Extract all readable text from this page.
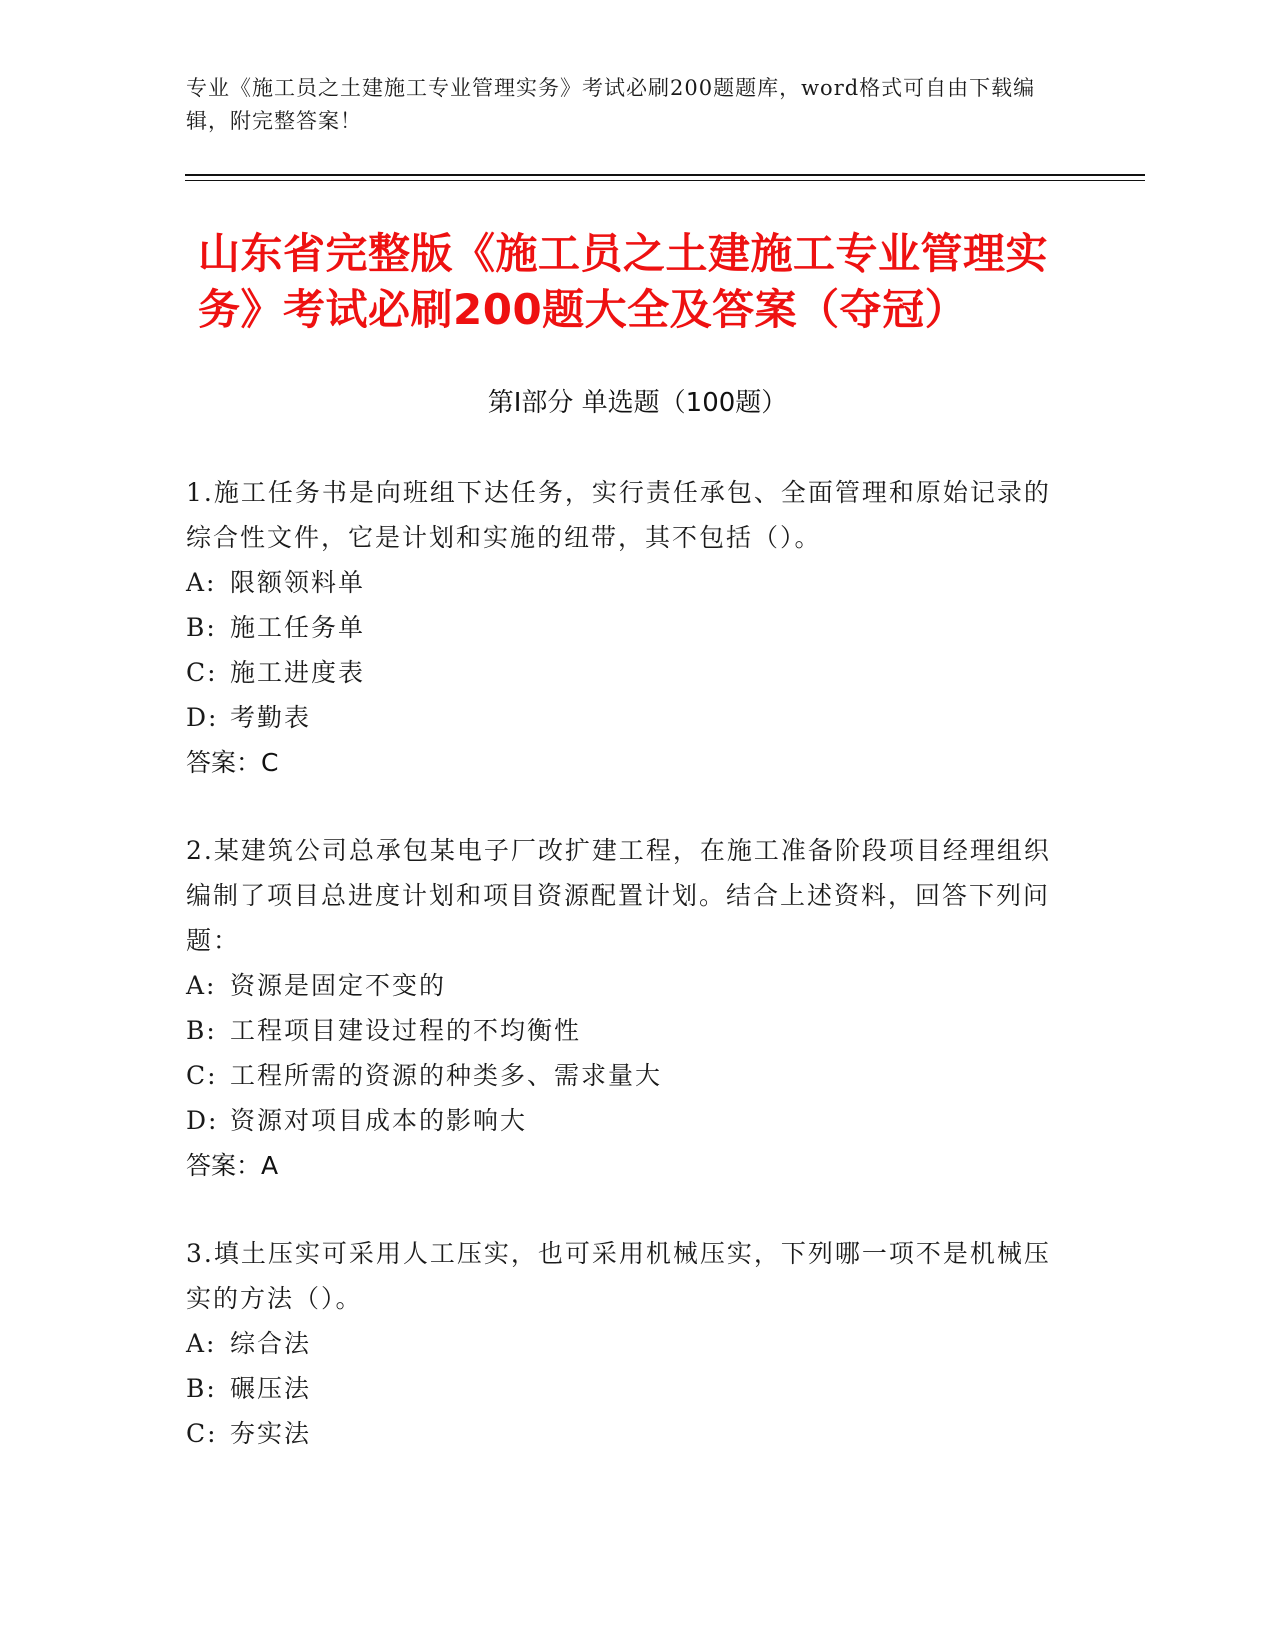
专业《施工员之土建施工专业管理实务》考试必刷200题题库，word格式可自由下载编辑，附完整答案！
山东省完整版《施工员之土建施工专业管理实务》考试必刷200题大全及答案（夺冠）
第Ⅰ部分 单选题（100题）

1.施工任务书是向班组下达任务，实行责任承包、全面管理和原始记录的综合性文件，它是计划和实施的纽带，其不包括（）。

A: 限额领料单

B: 施工任务单

C: 施工进度表

D: 考勤表

答案：C

2.某建筑公司总承包某电子厂改扩建工程，在施工准备阶段项目经理组织编制了项目总进度计划和项目资源配置计划。结合上述资料，回答下列问题：

A: 资源是固定不变的

B: 工程项目建设过程的不均衡性

C: 工程所需的资源的种类多、需求量大

D: 资源对项目成本的影响大

答案：A

3.填土压实可采用人工压实，也可采用机械压实，下列哪一项不是机械压实的方法（）。

A: 综合法

B: 碾压法

C: 夯实法
